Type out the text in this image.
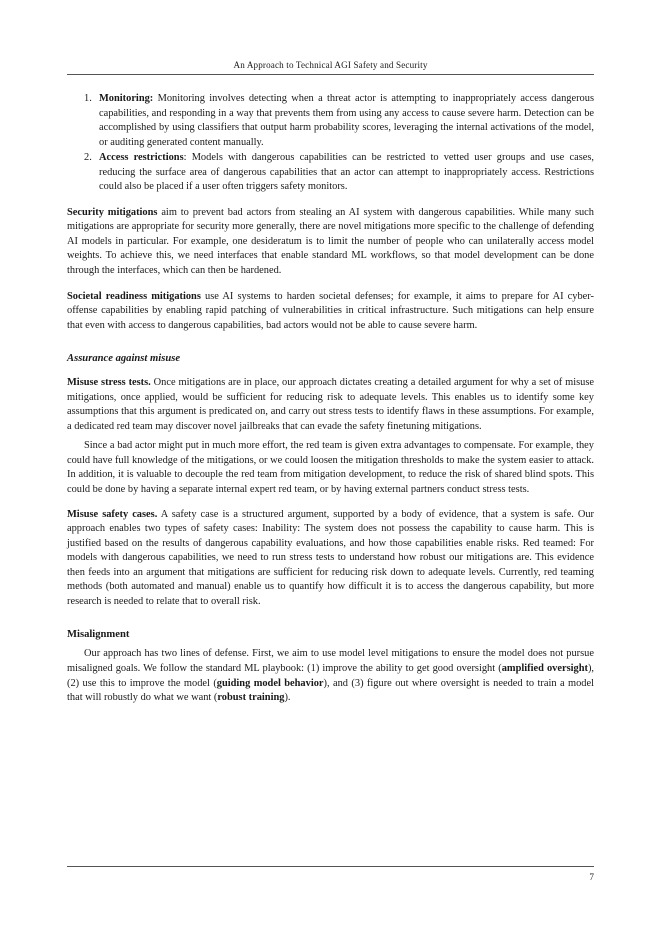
An Approach to Technical AGI Safety and Security
1. Monitoring: Monitoring involves detecting when a threat actor is attempting to inappropriately access dangerous capabilities, and responding in a way that prevents them from using any access to cause severe harm. Detection can be accomplished by using classifiers that output harm probability scores, leveraging the internal activations of the model, or auditing generated content manually.
2. Access restrictions: Models with dangerous capabilities can be restricted to vetted user groups and use cases, reducing the surface area of dangerous capabilities that an actor can attempt to inappropriately access. Restrictions could also be placed if a user often triggers safety monitors.

Security mitigations aim to prevent bad actors from stealing an AI system with dangerous capabilities. While many such mitigations are appropriate for security more generally, there are novel mitigations more specific to the challenge of defending AI models in particular. For example, one desideratum is to limit the number of people who can unilaterally access model weights. To achieve this, we need interfaces that enable standard ML workflows, so that model development can be done through the interfaces, which can then be hardened.

Societal readiness mitigations use AI systems to harden societal defenses; for example, it aims to prepare for AI cyber-offense capabilities by enabling rapid patching of vulnerabilities in critical infrastructure. Such mitigations can help ensure that even with access to dangerous capabilities, bad actors would not be able to cause severe harm.

Assurance against misuse

Misuse stress tests. Once mitigations are in place, our approach dictates creating a detailed argument for why a set of misuse mitigations, once applied, would be sufficient for reducing risk to adequate levels. This enables us to identify some key assumptions that this argument is predicated on, and carry out stress tests to identify flaws in these assumptions. For example, a dedicated red team may discover novel jailbreaks that can evade the safety finetuning mitigations.

Since a bad actor might put in much more effort, the red team is given extra advantages to compensate. For example, they could have full knowledge of the mitigations, or we could loosen the mitigation thresholds to make the system easier to attack. In addition, it is valuable to decouple the red team from mitigation development, to reduce the risk of shared blind spots. This could be done by having a separate internal expert red team, or by having external partners conduct stress tests.

Misuse safety cases. A safety case is a structured argument, supported by a body of evidence, that a system is safe. Our approach enables two types of safety cases: Inability: The system does not possess the capability to cause harm. This is justified based on the results of dangerous capability evaluations, and how those capabilities enable risks. Red teamed: For models with dangerous capabilities, we need to run stress tests to understand how robust our mitigations are. This evidence then feeds into an argument that mitigations are sufficient for reducing risk down to adequate levels. Currently, red teaming methods (both automated and manual) enable us to quantify how difficult it is to access the dangerous capability, but more research is needed to relate that to overall risk.

Misalignment

Our approach has two lines of defense. First, we aim to use model level mitigations to ensure the model does not pursue misaligned goals. We follow the standard ML playbook: (1) improve the ability to get good oversight (amplified oversight), (2) use this to improve the model (guiding model behavior), and (3) figure out where oversight is needed to train a model that will robustly do what we want (robust training).

7
